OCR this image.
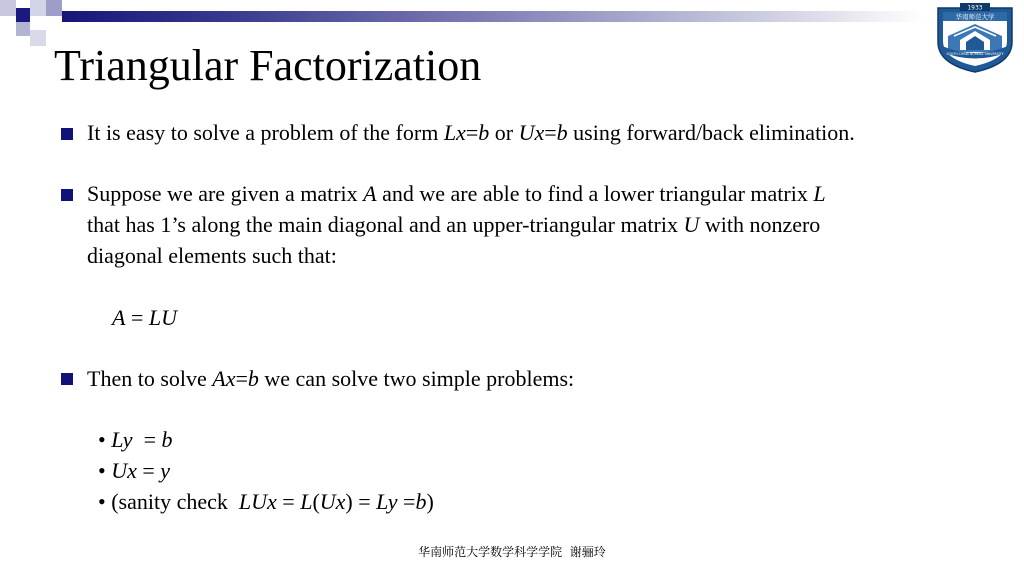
1933
华南师范大学
SOUTH CHINA NORMAL UNIVERSITY
Triangular Factorization
It is easy to solve a problem of the form Lx=b or Ux=b using forward/back elimination.
Suppose we are given a matrix A and we are able to find a lower triangular matrix L
that has 1’s along the main diagonal and an upper-triangular matrix U with nonzero
diagonal elements such that:
A = LU
Then to solve Ax=b we can solve two simple problems:
• Ly  = b
• Ux = y
• (sanity check  LUx = L(Ux) = Ly =b)
华南师范大学数学科学学院  谢骊玲
